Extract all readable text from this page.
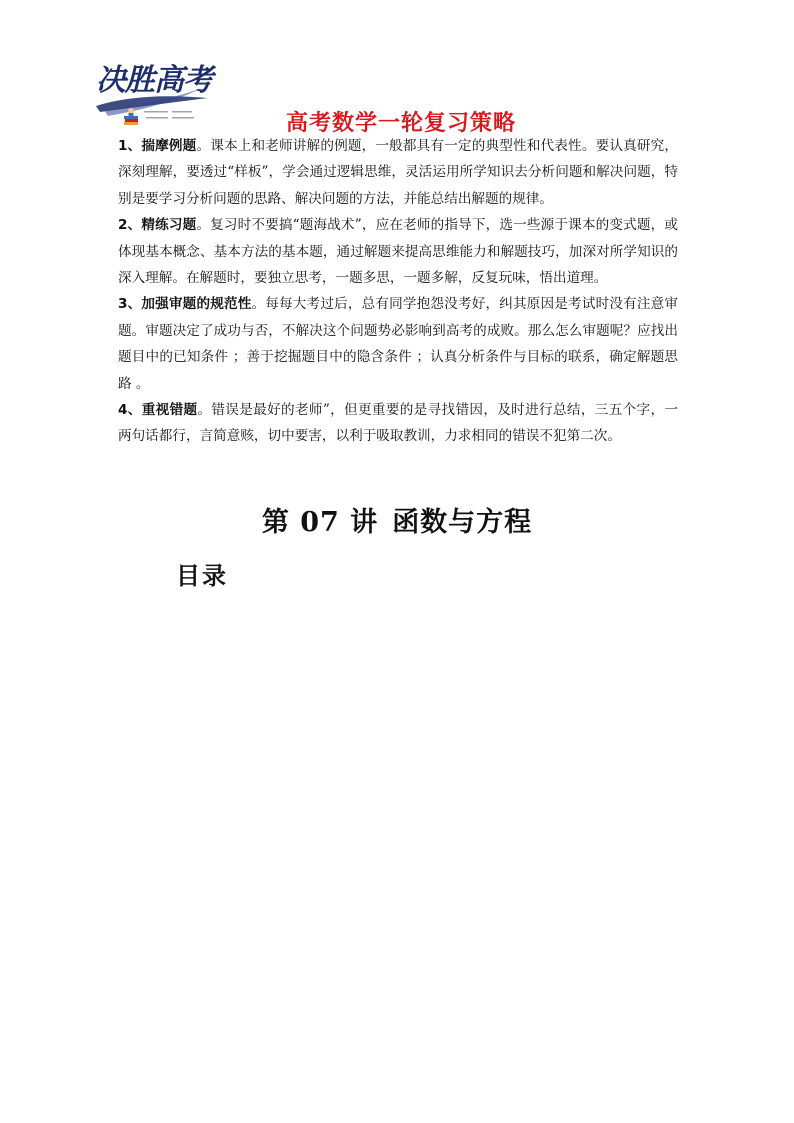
决胜高考
高考数学一轮复习策略

1、揣摩例题。课本上和老师讲解的例题，一般都具有一定的典型性和代表性。要认真研究，深刻理解，要透过“样板”，学会通过逻辑思维，灵活运用所学知识去分析问题和解决问题，特别是要学习分析问题的思路、解决问题的方法，并能总结出解题的规律。

2、精练习题。复习时不要搞“题海战术”，应在老师的指导下，选一些源于课本的变式题，或体现基本概念、基本方法的基本题，通过解题来提高思维能力和解题技巧，加深对所学知识的深入理解。在解题时，要独立思考，一题多思，一题多解，反复玩味，悟出道理。

3、加强审题的规范性。每每大考过后，总有同学抱怨没考好，纠其原因是考试时没有注意审题。审题决定了成功与否，不解决这个问题势必影响到高考的成败。那么怎么审题呢？应找出题目中的已知条件 ；善于挖掘题目中的隐含条件 ；认真分析条件与目标的联系，确定解题思路 。

4、重视错题。错误是最好的老师”，但更重要的是寻找错因，及时进行总结，三五个字，一两句话都行，言简意赅，切中要害，以利于吸取教训，力求相同的错误不犯第二次。

第 07 讲 函数与方程
目录
